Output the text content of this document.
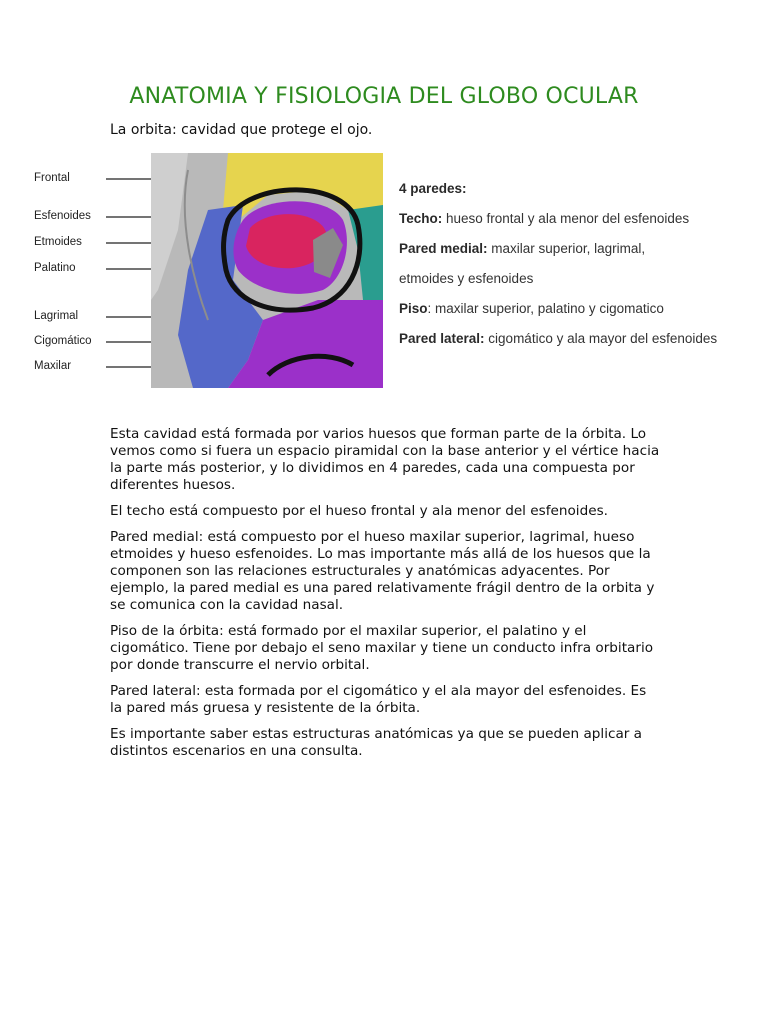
ANATOMIA Y FISIOLOGIA DEL GLOBO OCULAR

La orbita: cavidad que protege el ojo.

Frontal
Esfenoides
Etmoides
Palatino
Lagrimal
Cigomático
Maxilar

4 paredes:

Techo: hueso frontal y ala menor del esfenoides

Pared medial: maxilar superior, lagrimal,

etmoides y esfenoides

Piso: maxilar superior, palatino y cigomatico

Pared lateral: cigomático y ala mayor del esfenoides

Esta cavidad está formada por varios huesos que forman parte de la órbita. Lo vemos como si fuera un espacio piramidal con la base anterior y el vértice hacia la parte más posterior, y lo dividimos en 4 paredes, cada una compuesta por diferentes huesos.

El techo está compuesto por el hueso frontal y ala menor del esfenoides.

Pared medial: está compuesto por el hueso maxilar superior, lagrimal, hueso etmoides y hueso esfenoides. Lo mas importante más allá de los huesos que la componen son las relaciones estructurales y anatómicas adyacentes. Por ejemplo, la pared medial es una pared relativamente frágil dentro de la orbita y se comunica con la cavidad nasal.

Piso de la órbita: está formado por el maxilar superior, el palatino y el cigomático. Tiene por debajo el seno maxilar y tiene un conducto infra orbitario por donde transcurre el nervio orbital.

Pared lateral: esta formada por el cigomático y el ala mayor del esfenoides. Es la pared más gruesa y resistente de la órbita.

Es importante saber estas estructuras anatómicas ya que se pueden aplicar a distintos escenarios en una consulta.
